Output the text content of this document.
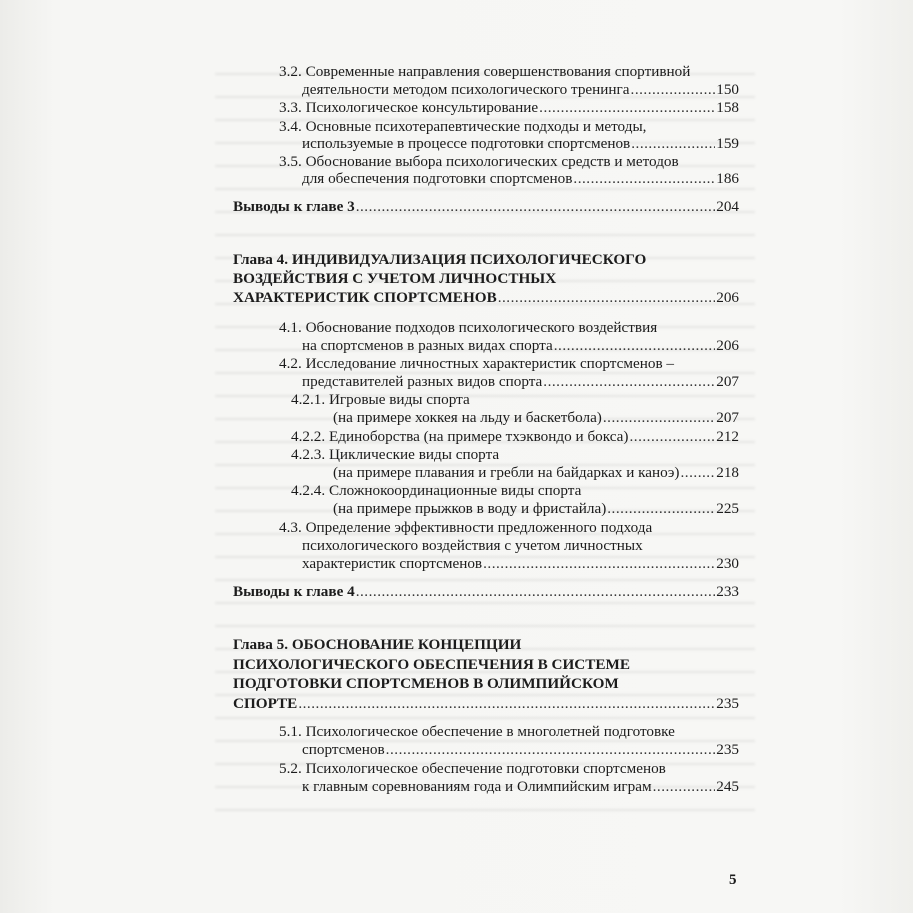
3.2. Современные направления совершенствования спортивной
деятельности методом психологического тренинга .....	150
3.3. Психологическое консультирование .....	158
3.4. Основные психотерапевтические подходы и методы,
используемые в процессе подготовки спортсменов .....	159
3.5. Обоснование выбора психологических средств и методов
для обеспечения подготовки спортсменов .....	186
Выводы к главе 3 .....	204
Глава 4. ИНДИВИДУАЛИЗАЦИЯ ПСИХОЛОГИЧЕСКОГО
ВОЗДЕЙСТВИЯ С УЧЕТОМ ЛИЧНОСТНЫХ
ХАРАКТЕРИСТИК СПОРТСМЕНОВ .....	206
4.1. Обоснование подходов психологического воздействия
на спортсменов в разных видах спорта .....	206
4.2. Исследование личностных характеристик спортсменов –
представителей разных видов спорта .....	207
4.2.1. Игровые виды спорта
(на примере хоккея на льду и баскетбола) .....	207
4.2.2. Единоборства (на примере тхэквондо и бокса) .....	212
4.2.3. Циклические виды спорта
(на примере плавания и гребли на байдарках и каноэ) ..... 218
4.2.4. Сложнокоординационные виды спорта
(на примере прыжков в воду и фристайла) .....	225
4.3. Определение эффективности предложенного подхода
психологического воздействия с учетом личностных
характеристик спортсменов .....	230
Выводы к главе 4 .....	233
Глава 5. ОБОСНОВАНИЕ КОНЦЕПЦИИ
ПСИХОЛОГИЧЕСКОГО ОБЕСПЕЧЕНИЯ В СИСТЕМЕ
ПОДГОТОВКИ СПОРТСМЕНОВ В ОЛИМПИЙСКОМ
СПОРТЕ .....	235
5.1. Психологическое обеспечение в многолетней подготовке
спортсменов .....	235
5.2. Психологическое обеспечение подготовки спортсменов
к главным соревнованиям года и Олимпийским играм .....	245
5
